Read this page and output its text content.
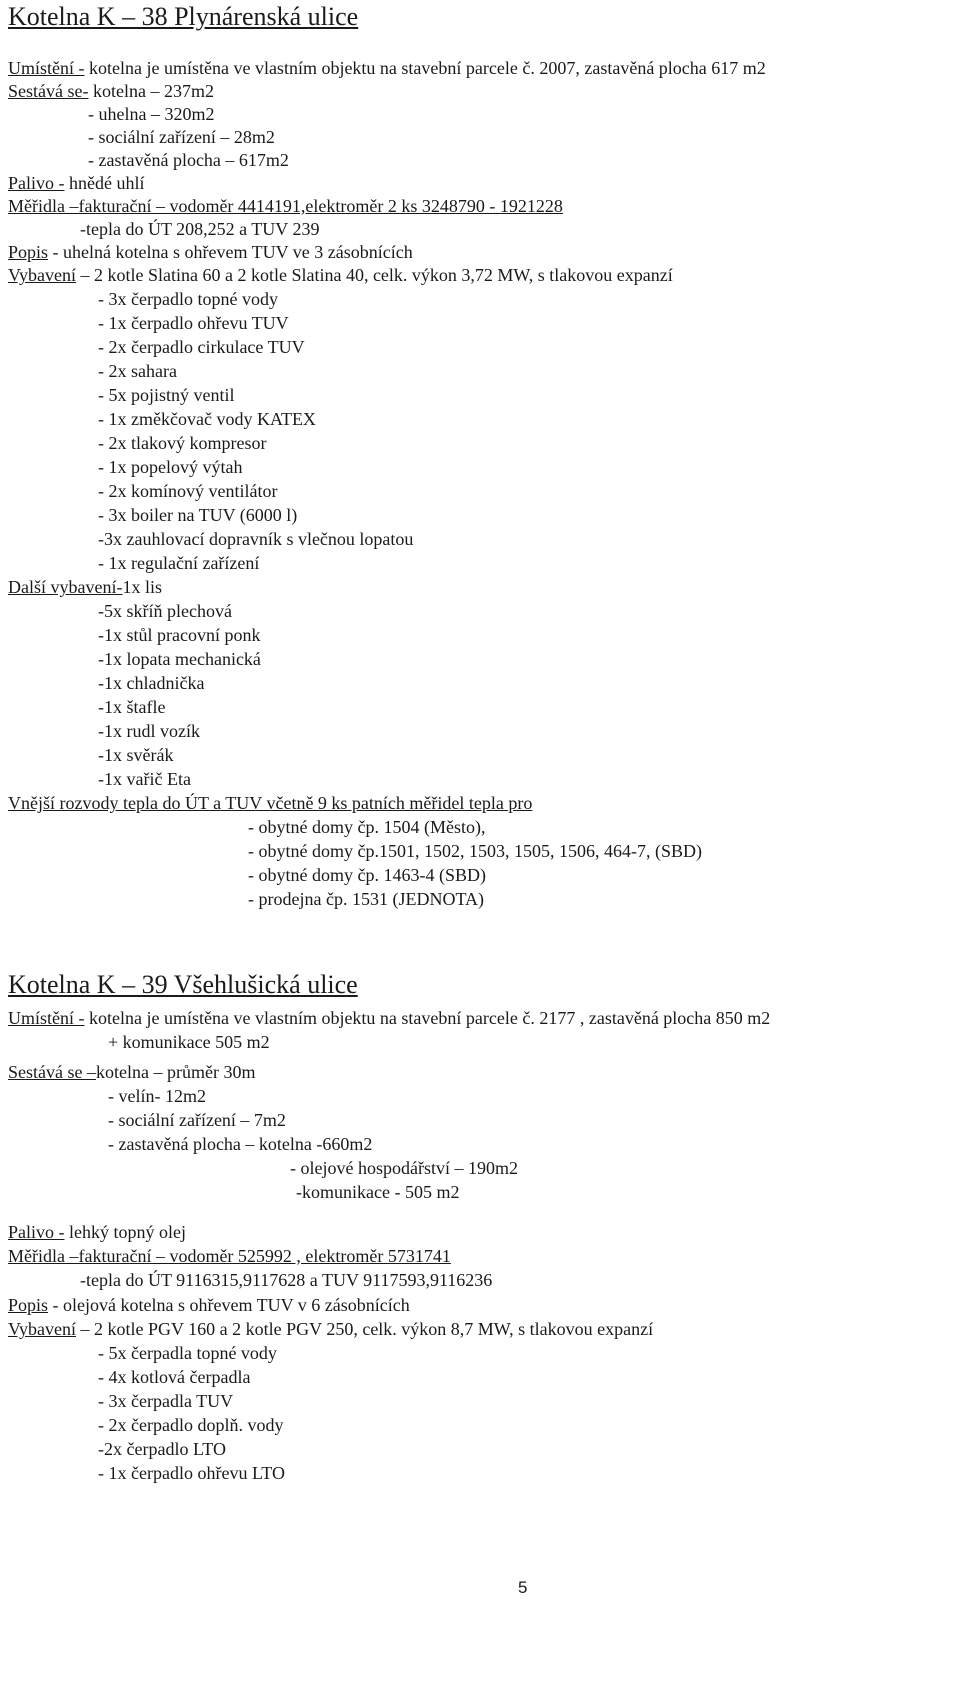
Kotelna K – 38 Plynárenská ulice
Umístění - kotelna je umístěna ve vlastním objektu na stavební parcele č. 2007, zastavěná plocha 617 m2
Sestává se- kotelna – 237m2
- uhelna – 320m2
- sociální zařízení – 28m2
- zastavěná plocha – 617m2
Palivo - hnědé uhlí
Měřidla –fakturační – vodoměr 4414191,elektroměr 2 ks 3248790 - 1921228
-tepla do ÚT 208,252 a TUV 239
Popis - uhelná kotelna s ohřevem TUV ve 3 zásobnících
Vybavení – 2 kotle Slatina 60 a 2 kotle Slatina 40, celk. výkon 3,72 MW, s tlakovou expanzí
- 3x čerpadlo topné vody
- 1x čerpadlo ohřevu TUV
- 2x čerpadlo cirkulace TUV
- 2x sahara
- 5x pojistný ventil
- 1x změkčovač vody KATEX
- 2x tlakový kompresor
- 1x popelový výtah
- 2x komínový ventilátor
- 3x boiler na TUV (6000 l)
-3x zauhlovací dopravník s vlečnou lopatou
- 1x regulační zařízení
Další vybavení-1x lis
-5x skříň plechová
-1x stůl pracovní ponk
-1x lopata mechanická
-1x chladnička
-1x štafle
-1x rudl vozík
-1x svěrák
-1x vařič Eta
Vnější rozvody tepla do ÚT a TUV včetně 9 ks patních měřidel tepla pro
- obytné domy čp. 1504 (Město),
- obytné domy čp.1501, 1502, 1503, 1505, 1506, 464-7, (SBD)
- obytné domy čp. 1463-4 (SBD)
- prodejna čp. 1531 (JEDNOTA)
Kotelna K – 39 Všehlušická ulice
Umístění - kotelna je umístěna ve vlastním objektu na stavební parcele č. 2177 , zastavěná plocha 850 m2
+ komunikace 505 m2
Sestává se –kotelna – průměr 30m
- velín- 12m2
- sociální zařízení – 7m2
- zastavěná plocha – kotelna -660m2
- olejové hospodářství – 190m2
-komunikace - 505 m2
Palivo - lehký topný olej
Měřidla –fakturační – vodoměr 525992 , elektroměr 5731741
-tepla do ÚT 9116315,9117628 a TUV 9117593,9116236
Popis - olejová kotelna s ohřevem TUV v 6 zásobnících
Vybavení – 2 kotle PGV 160 a 2 kotle PGV 250, celk. výkon 8,7 MW, s tlakovou expanzí
- 5x čerpadla topné vody
- 4x kotlová čerpadla
- 3x čerpadla TUV
- 2x čerpadlo doplň. vody
-2x čerpadlo LTO
- 1x čerpadlo ohřevu LTO
5
